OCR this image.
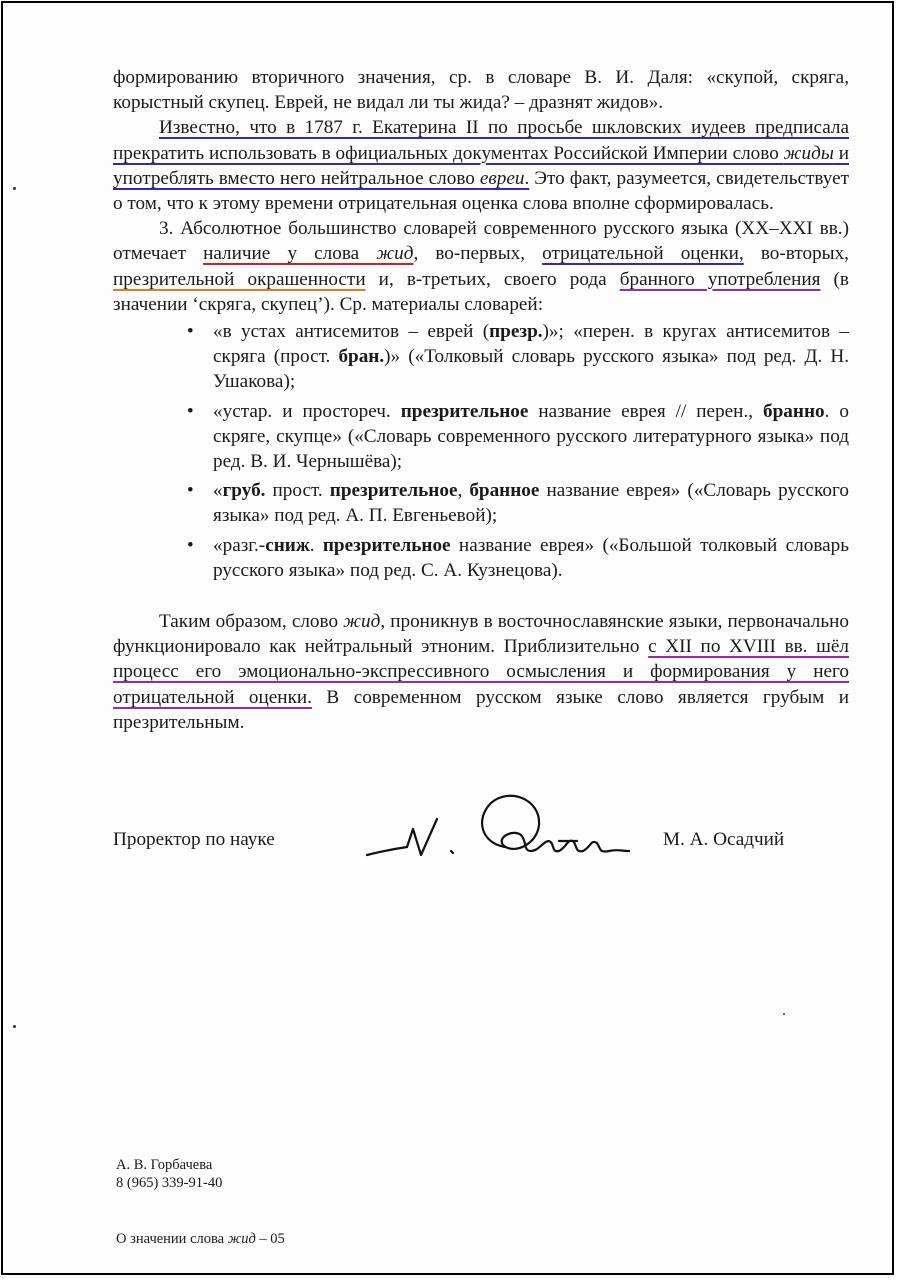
формированию вторичного значения, ср. в словаре В. И. Даля: «скупой, скряга, корыстный скупец. Еврей, не видал ли ты жида? – дразнят жидов».

Известно, что в 1787 г. Екатерина II по просьбе шкловских иудеев предписала прекратить использовать в официальных документах Российской Империи слово жиды и употреблять вместо него нейтральное слово евреи. Это факт, разумеется, свидетельствует о том, что к этому времени отрицательная оценка слова вполне сформировалась.

3. Абсолютное большинство словарей современного русского языка (XX–XXI вв.) отмечает наличие у слова жид, во-первых, отрицательной оценки, во-вторых, презрительной окрашенности и, в-третьих, своего рода бранного употребления (в значении ‘скряга, скупец’). Ср. материалы словарей:

• «в устах антисемитов – еврей (презр.)»; «перен. в кругах антисемитов – скряга (прост. бран.)» («Толковый словарь русского языка» под ред. Д. Н. Ушакова);
• «устар. и простореч. презрительное название еврея // перен., бранно. о скряге, скупце» («Словарь современного русского литературного языка» под ред. В. И. Чернышёва);
• «груб. прост. презрительное, бранное название еврея» («Словарь русского языка» под ред. А. П. Евгеньевой);
• «разг.-сниж. презрительное название еврея» («Большой толковый словарь русского языка» под ред. С. А. Кузнецова).

Таким образом, слово жид, проникнув в восточнославянские языки, первоначально функционировало как нейтральный этноним. Приблизительно с XII по XVIII вв. шёл процесс его эмоционально-экспрессивного осмысления и формирования у него отрицательной оценки. В современном русском языке слово является грубым и презрительным.

Проректор по науке	М. А. Осадчий
А. В. Горбачева
8 (965) 339-91-40
О значении слова жид – 05
